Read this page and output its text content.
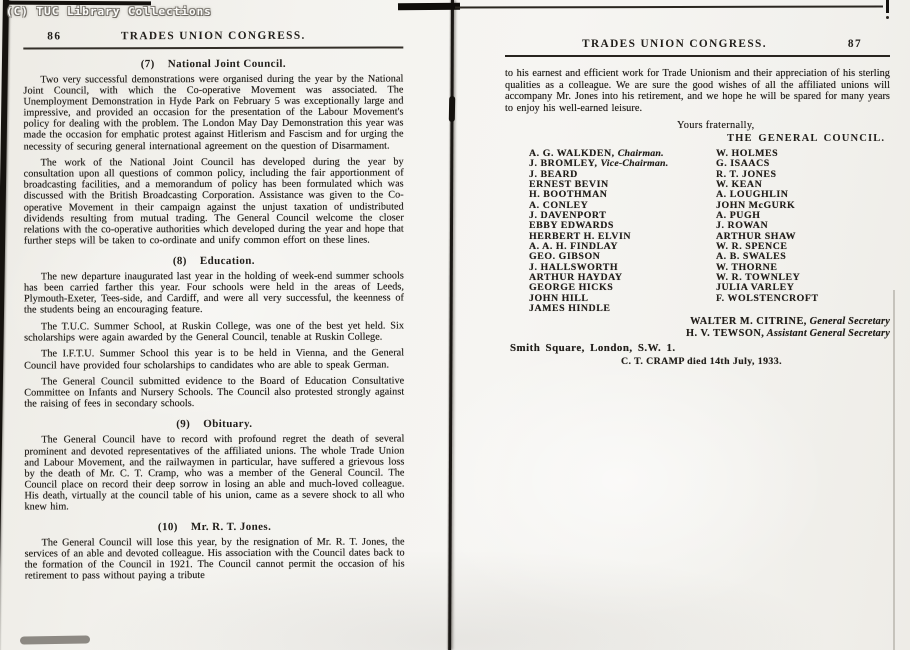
(C) TUC Library Collections
86	TRADES UNION CONGRESS.
(7) National Joint Council.

Two very successful demonstrations were organised during the year by the National Joint Council, with which the Co-operative Movement was associated. The Unemployment Demonstration in Hyde Park on February 5 was exceptionally large and impressive, and provided an occasion for the presentation of the Labour Movement's policy for dealing with the problem. The London May Day Demonstration this year was made the occasion for emphatic protest against Hitlerism and Fascism and for urging the necessity of securing general international agreement on the question of Disarmament.

The work of the National Joint Council has developed during the year by consultation upon all questions of common policy, including the fair apportionment of broadcasting facilities, and a memorandum of policy has been formulated which was discussed with the British Broadcasting Corporation. Assistance was given to the Co-operative Movement in their campaign against the unjust taxation of undistributed dividends resulting from mutual trading. The General Council welcome the closer relations with the co-operative authorities which developed during the year and hope that further steps will be taken to co-ordinate and unify common effort on these lines.

(8) Education.

The new departure inaugurated last year in the holding of week-end summer schools has been carried farther this year. Four schools were held in the areas of Leeds, Plymouth-Exeter, Tees-side, and Cardiff, and were all very successful, the keenness of the students being an encouraging feature.

The T.U.C. Summer School, at Ruskin College, was one of the best yet held. Six scholarships were again awarded by the General Council, tenable at Ruskin College.

The I.F.T.U. Summer School this year is to be held in Vienna, and the General Council have provided four scholarships to candidates who are able to speak German.

The General Council submitted evidence to the Board of Education Consultative Committee on Infants and Nursery Schools. The Council also protested strongly against the raising of fees in secondary schools.

(9) Obituary.

The General Council have to record with profound regret the death of several prominent and devoted representatives of the affiliated unions. The whole Trade Union and Labour Movement, and the railwaymen in particular, have suffered a grievous loss by the death of Mr. C. T. Cramp, who was a member of the General Council. The Council place on record their deep sorrow in losing an able and much-loved colleague. His death, virtually at the council table of his union, came as a severe shock to all who knew him.

(10) Mr. R. T. Jones.

The General Council will lose this year, by the resignation of Mr. R. T. Jones, the services of an able and devoted colleague. His association with the Council dates back to the formation of the Council in 1921. The Council cannot permit the occasion of his retirement to pass without paying a tribute

TRADES UNION CONGRESS.	87

to his earnest and efficient work for Trade Unionism and their appreciation of his sterling qualities as a colleague. We are sure the good wishes of all the affiliated unions will accompany Mr. Jones into his retirement, and we hope he will be spared for many years to enjoy his well-earned leisure.

Yours fraternally,
THE GENERAL COUNCIL.
A. G. WALKDEN, Chairman.
J. BROMLEY, Vice-Chairman.
J. BEARD
ERNEST BEVIN
H. BOOTHMAN
A. CONLEY
J. DAVENPORT
EBBY EDWARDS
HERBERT H. ELVIN
A. A. H. FINDLAY
GEO. GIBSON
J. HALLSWORTH
ARTHUR HAYDAY
GEORGE HICKS
JOHN HILL
JAMES HINDLE
W. HOLMES
G. ISAACS
R. T. JONES
W. KEAN
A. LOUGHLIN
JOHN McGURK
A. PUGH
J. ROWAN
ARTHUR SHAW
W. R. SPENCE
A. B. SWALES
W. THORNE
W. R. TOWNLEY
JULIA VARLEY
F. WOLSTENCROFT
WALTER M. CITRINE, General Secretary
H. V. TEWSON, Assistant General Secretary
Smith Square, London, S.W. 1.
C. T. CRAMP died 14th July, 1933.
